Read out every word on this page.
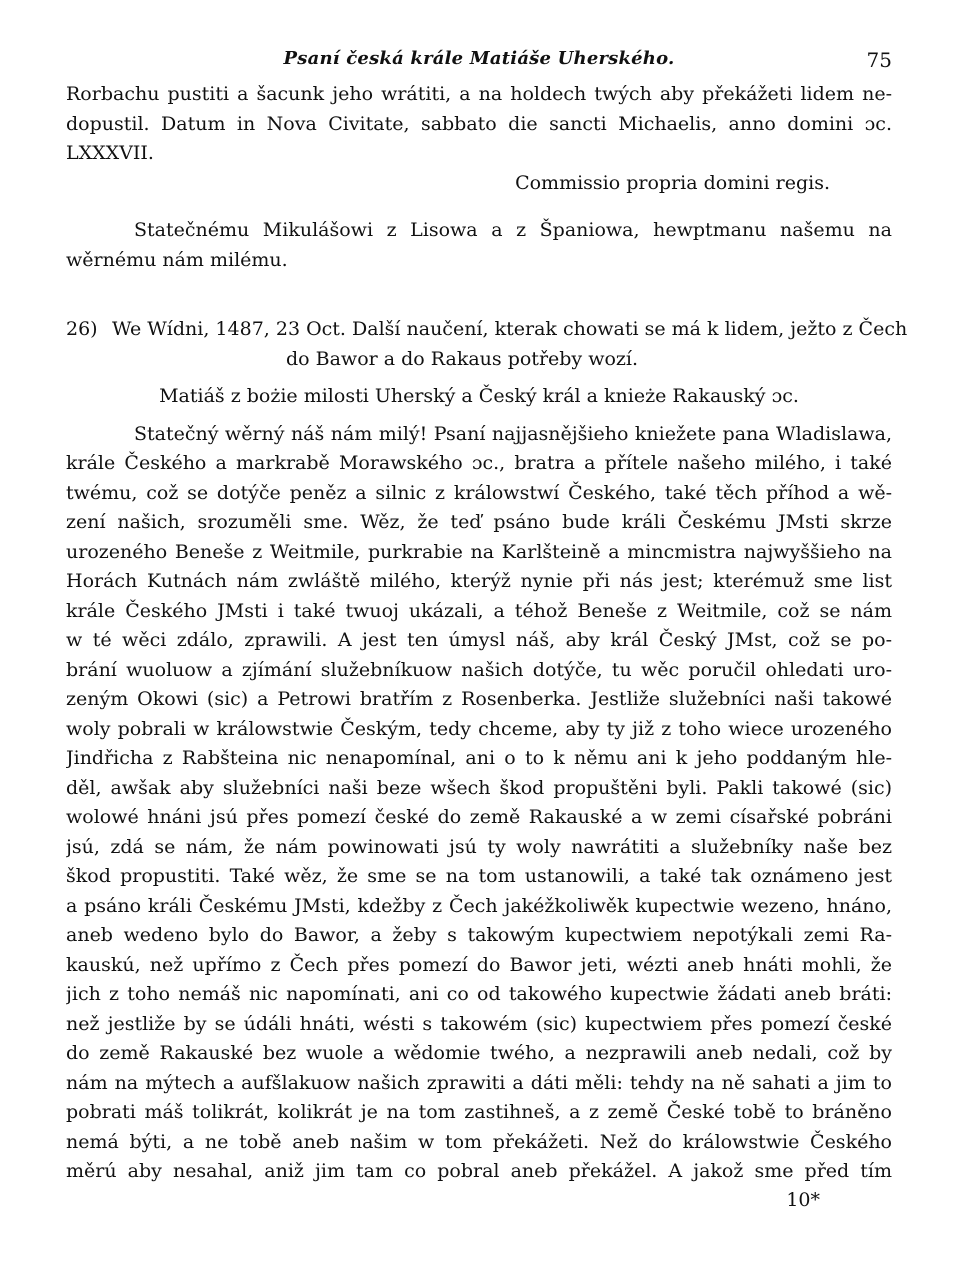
Psaní česká krále Matiáše Uherského.	75
Rorbachu pustiti a šacunk jeho wrátiti, a na holdech twých aby překážeti lidem ne-
dopustil. Datum in Nova Civitate, sabbato die sancti Michaelis, anno domini ɔc.
LXXXVII.
Commissio propria domini regis.
Statečnému Mikulášowi z Lisowa a z Španiowa, hewptmanu našemu na
wěrnému nám milému.
26) We Wídni, 1487, 23 Oct. Další naučení, kterak chowati se má k lidem, ježto z Čech
do Bawor a do Rakaus potřeby wozí.
Matiáš z bożie milosti Uherský a Český král a knieże Rakauský ɔc.
Statečný wěrný náš nám milý! Psaní najjasnějšieho kniežete pana Wladislawa,
krále Českého a markrabě Morawského ɔc., bratra a přítele našeho milého, i také
twému, což se dotýče peněz a silnic z králowstwí Českého, také těch příhod a wě-
zení našich, srozuměli sme. Wěz, že teď psáno bude králi Českému JMsti skrze
urozeného Beneše z Weitmile, purkrabie na Karlšteině a mincmistra najwyššieho na
Horách Kutnách nám zwláště milého, kterýž nynie při nás jest; kterémuž sme list
krále Českého JMsti i také twuoj ukázali, a téhož Beneše z Weitmile, což se nám
w té wěci zdálo, zprawili. A jest ten úmysl náš, aby král Český JMst, což se po-
brání wuoluow a zjímání služebníkuow našich dotýče, tu wěc poručil ohledati uro-
zeným Okowi (sic) a Petrowi bratřím z Rosenberka. Jestliže služebníci naši takowé
woly pobrali w králowstwie Českým, tedy chceme, aby ty již z toho wiece urozeného
Jindřicha z Rabšteina nic nenapomínal, ani o to k němu ani k jeho poddaným hle-
děl, awšak aby služebníci naši beze wšech škod propuštěni byli. Pakli takowé (sic)
wolowé hnáni jsú přes pomezí české do země Rakauské a w zemi císařské pobráni
jsú, zdá se nám, že nám powinowati jsú ty woly nawrátiti a služebníky naše bez
škod propustiti. Také wěz, že sme se na tom ustanowili, a také tak oznámeno jest
a psáno králi Českému JMsti, kdežby z Čech jakéžkoliwěk kupectwie wezeno, hnáno,
aneb wedeno bylo do Bawor, a žeby s takowým kupectwiem nepotýkali zemi Ra-
kauskú, než upřímo z Čech přes pomezí do Bawor jeti, wézti aneb hnáti mohli, že
jich z toho nemáš nic napomínati, ani co od takowého kupectwie žádati aneb bráti:
než jestliže by se údáli hnáti, wésti s takowém (sic) kupectwiem přes pomezí české
do země Rakauské bez wuole a wědomie twého, a nezprawili aneb nedali, což by
nám na mýtech a aufšlakuow našich zprawiti a dáti měli: tehdy na ně sahati a jim to
pobrati máš tolikrát, kolikrát je na tom zastihneš, a z země České tobě to bráněno
nemá býti, a ne tobě aneb našim w tom překážeti. Než do králowstwie Českého
měrú aby nesahal, aniž jim tam co pobral aneb překážel. A jakož sme před tím
10*
